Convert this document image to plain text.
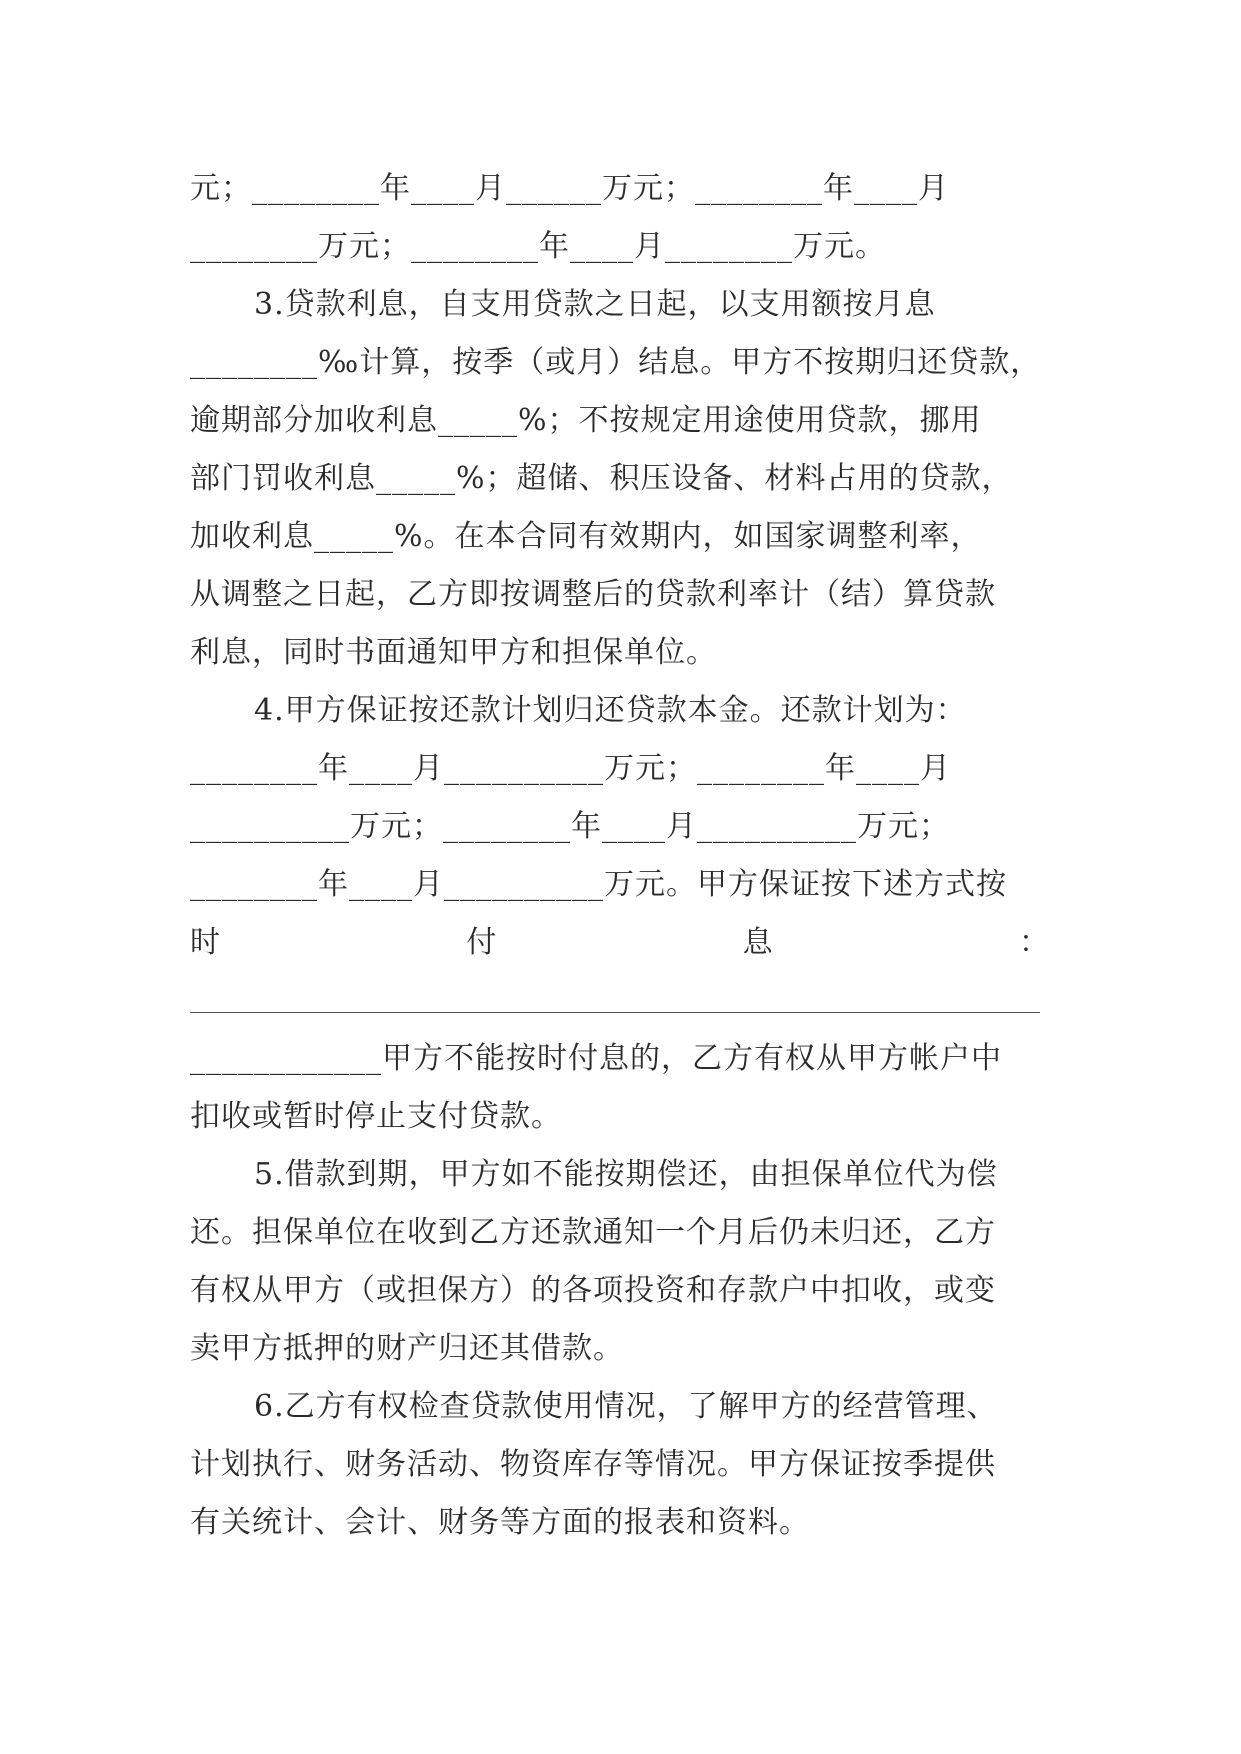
元；________年____月______万元；________年____月
________万元；________年____月________万元。
3.贷款利息，自支用贷款之日起，以支用额按月息
________‰计算，按季（或月）结息。甲方不按期归还贷款，
逾期部分加收利息_____%；不按规定用途使用贷款，挪用
部门罚收利息_____%；超储、积压设备、材料占用的贷款，
加收利息_____%。在本合同有效期内，如国家调整利率，
从调整之日起，乙方即按调整后的贷款利率计（结）算贷款
利息，同时书面通知甲方和担保单位。
4.甲方保证按还款计划归还贷款本金。还款计划为：
________年____月__________万元；________年____月
__________万元；________年____月__________万元；
________年____月__________万元。甲方保证按下述方式按
时	付	息	：
____________甲方不能按时付息的，乙方有权从甲方帐户中
扣收或暂时停止支付贷款。
5.借款到期，甲方如不能按期偿还，由担保单位代为偿
还。担保单位在收到乙方还款通知一个月后仍未归还，乙方
有权从甲方（或担保方）的各项投资和存款户中扣收，或变
卖甲方抵押的财产归还其借款。
6.乙方有权检查贷款使用情况，了解甲方的经营管理、
计划执行、财务活动、物资库存等情况。甲方保证按季提供
有关统计、会计、财务等方面的报表和资料。
